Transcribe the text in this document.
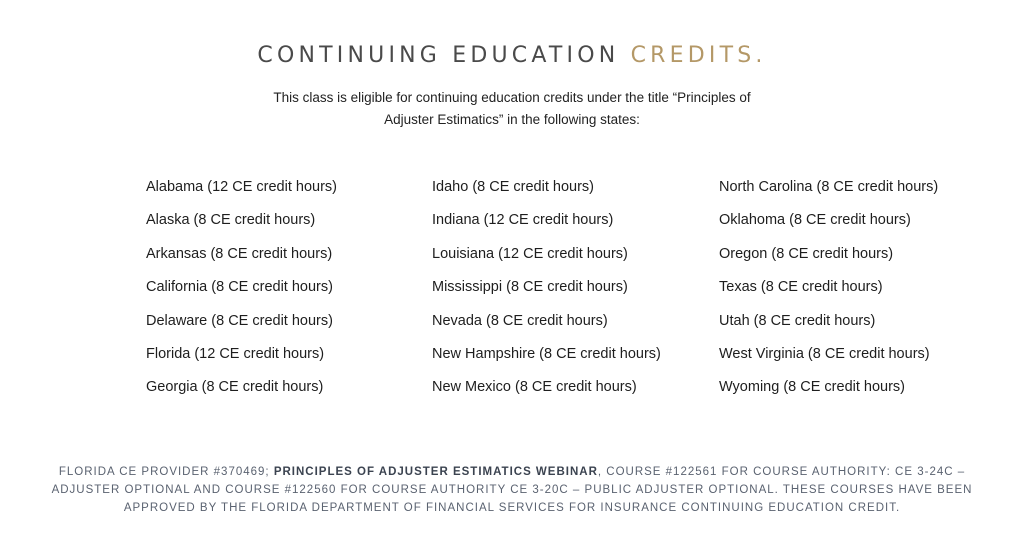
CONTINUING EDUCATION CREDITS.

This class is eligible for continuing education credits under the title “Principles of Adjuster Estimatics” in the following states:

Alabama (12 CE credit hours)
Alaska (8 CE credit hours)
Arkansas (8 CE credit hours)
California (8 CE credit hours)
Delaware (8 CE credit hours)
Florida (12 CE credit hours)
Georgia (8 CE credit hours)
Idaho (8 CE credit hours)
Indiana (12 CE credit hours)
Louisiana (12 CE credit hours)
Mississippi (8 CE credit hours)
Nevada (8 CE credit hours)
New Hampshire (8 CE credit hours)
New Mexico (8 CE credit hours)
North Carolina (8 CE credit hours)
Oklahoma (8 CE credit hours)
Oregon (8 CE credit hours)
Texas (8 CE credit hours)
Utah (8 CE credit hours)
West Virginia (8 CE credit hours)
Wyoming (8 CE credit hours)

FLORIDA CE PROVIDER #370469; PRINCIPLES OF ADJUSTER ESTIMATICS WEBINAR, COURSE #122561 FOR COURSE AUTHORITY: CE 3-24C – ADJUSTER OPTIONAL AND COURSE #122560 FOR COURSE AUTHORITY CE 3-20C – PUBLIC ADJUSTER OPTIONAL. THESE COURSES HAVE BEEN APPROVED BY THE FLORIDA DEPARTMENT OF FINANCIAL SERVICES FOR INSURANCE CONTINUING EDUCATION CREDIT.
